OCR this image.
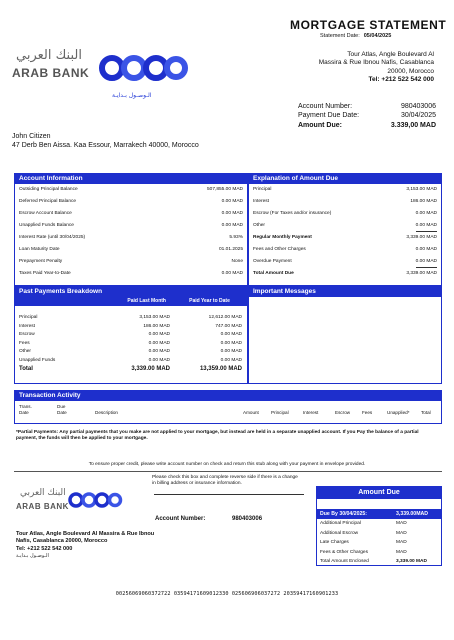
MORTGAGE STATEMENT
Statement Date: 05/04/2025
البنك العربي
ARAB BANK
الـوصـول بـدايـة
Tour Atlas, Angle Boulevard Al
Massira & Rue Ibnou Nafis, Casablanca
20000, Morocco
Tel: +212 522 542 000
Account Number:	980403006
Payment Due Date:	30/04/2025
Amount Due:	3.339,00 MAD
John Citizen
47 Derb Ben Aissa. Kaa Essour, Marrakech 40000, Morocco
Account Information
Outsiding Principal Balance	507,855.00 MAD
Deferred Principal Balance	0.00 MAD
Escrow Account Balance	0.00 MAD
Unapplied Funds Balance	0.00 MAD
Interest Rate (until 30/04/2025)	5.93%
Loan Maturity Date	01.01.2025
Prepayment Penalty	None
Taxes Paid Year-to-Date	0.00 MAD
Explanation of Amount Due
Principal	3,153.00 MAD
Interest	186.00 MAD
Escrow (For Taxes and/or insurance)	0.00 MAD
Other	0.00 MAD
Regular Monthly Payment	3,339.00 MAD
Fees and Other Charges	0.00 MAD
Overdue Payment	0.00 MAD
Total Amount Due	3,339.00 MAD
Past Payments Breakdown
Paid Last Month	Paid Year to Date
Principal	3,153.00 MAD	12,612.00 MAD
Interest	186.00 MAD	747.00 MAD
Escrow	0.00 MAD	0.00 MAD
Fees	0.00 MAD	0.00 MAD
Other	0.00 MAD	0.00 MAD
Unapplied Funds	0.00 MAD	0.00 MAD
Total	3,339.00 MAD	13,359.00 MAD
Important Messages
Transaction Activity
Trans.
Date
Due
Date	Description	Amount	Principal	Interest	Escrow	Fees	Unapplied*	Total
*Partial Payments: Any partial payments that you make are not applied to your mortgage, but instead are held in a separate unapplied account. If you Pay the balance of a partial payment, the funds will then be applied to your mortgage.
To ensure proper credit, please write account number on check and return this stub along with your payment in envelope provided.
Please check this box and complete reverse side if there is a change in billing address or insurance information.
البنك العربي
ARAB BANK
Account Number:	980403006
Tour Atlas, Angle Boulevard Al Massira & Rue Ibnou
Nafis, Casablanca 20000, Morocco
Tel: +212 522 542 000
الـوصـول بـدايـة
Amount Due
Due By 30/04/2025:	3,339.00MAD
Additional Principal	MAD
Additional Escrow	MAD
Late Charges	MAD
Fees & Other Charges	MAD
Total Amount Enclosed	3,339.00 MAD
0025606906037272‌2 03594171609012330 0256069060372‌72 20359417160901233
